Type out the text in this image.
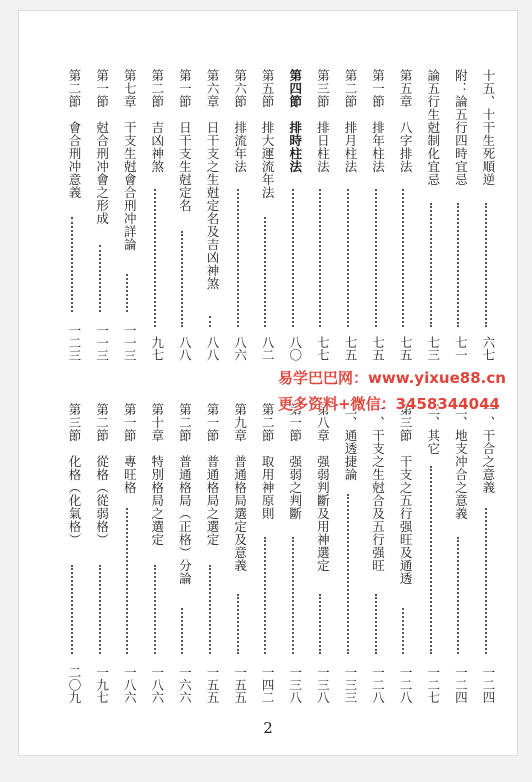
十五、十干生死順逆
六七
附：論五行四時宜忌
七一
論五行生尅制化宜忌
七三
第五章　八字排法
七五
第一節　排年柱法
七五
第二節　排月柱法
七五
第三節　排日柱法
七七
第四節　排時柱法
八〇
第五節　排大運流年法
八二
第六節　排流年法
八六
第六章　日干支之生尅定名及吉凶神煞
八八
第一節　日干支生尅定名
八八
第二節　吉凶神煞
九七
第七章　干支生尅會合刑冲詳論
一一三
第一節　尅合刑冲會之形成
一一三
第二節　會合刑冲意義
一二三
一、干合之意義
一二四
二、地支冲合之意義
一二四
三、其它
一二七
第三節　干支之五行强旺及通透
一二八
一、干支之生尅合及五行强旺
一二八
二、通透捷論
一三三
第八章　强弱判斷及用神選定
一三八
第一節　强弱之判斷
一三八
第二節　取用神原則
一四二
第九章　普通格局選定及意義
一五五
第一節　普通格局之選定
一五五
第二節　普通格局（正格）分論
一六六
第十章　特別格局之選定
一八六
第一節　專旺格
一八六
第二節　從格（從弱格）
一九七
第三節　化格（化氣格）
二〇九
2
易学巴巴网：www.yixue88.cn
更多资料+微信：3458344044
